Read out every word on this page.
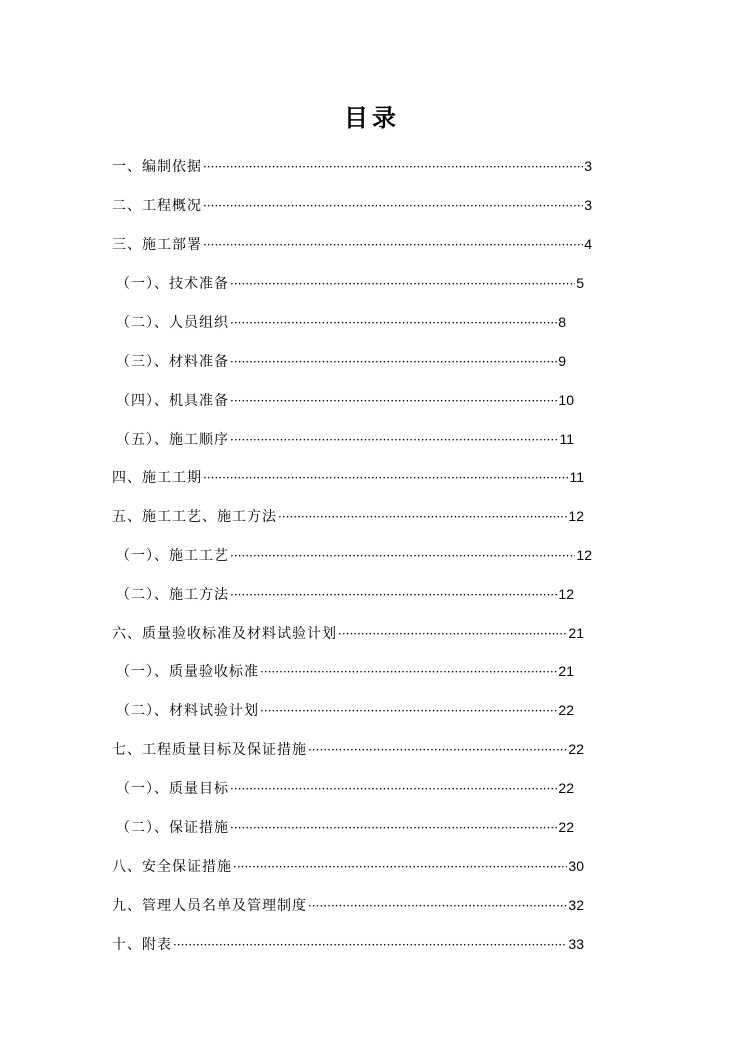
目录
一、编制依据 ·····	3
二、工程概况 ·····	3
三、施工部署 ·····	4
（一）、技术准备 ·····	5
（二）、人员组织 ·····	8
（三）、材料准备 ·····	9
（四）、机具准备 ·····	10
（五）、施工顺序 ·····	11
四、施工工期 ·····	11
五、施工工艺、施工方法 ·····	12
（一）、施工工艺 ·····	12
（二）、施工方法 ·····	12
六、质量验收标准及材料试验计划 ·····	21
（一）、质量验收标准 ·····	21
（二）、材料试验计划 ·····	22
七、工程质量目标及保证措施 ·····	22
（一）、质量目标 ·····	22
（二）、保证措施 ·····	22
八、安全保证措施 ·····	30
九、管理人员名单及管理制度 ·····	32
十、附表 ·····	33
